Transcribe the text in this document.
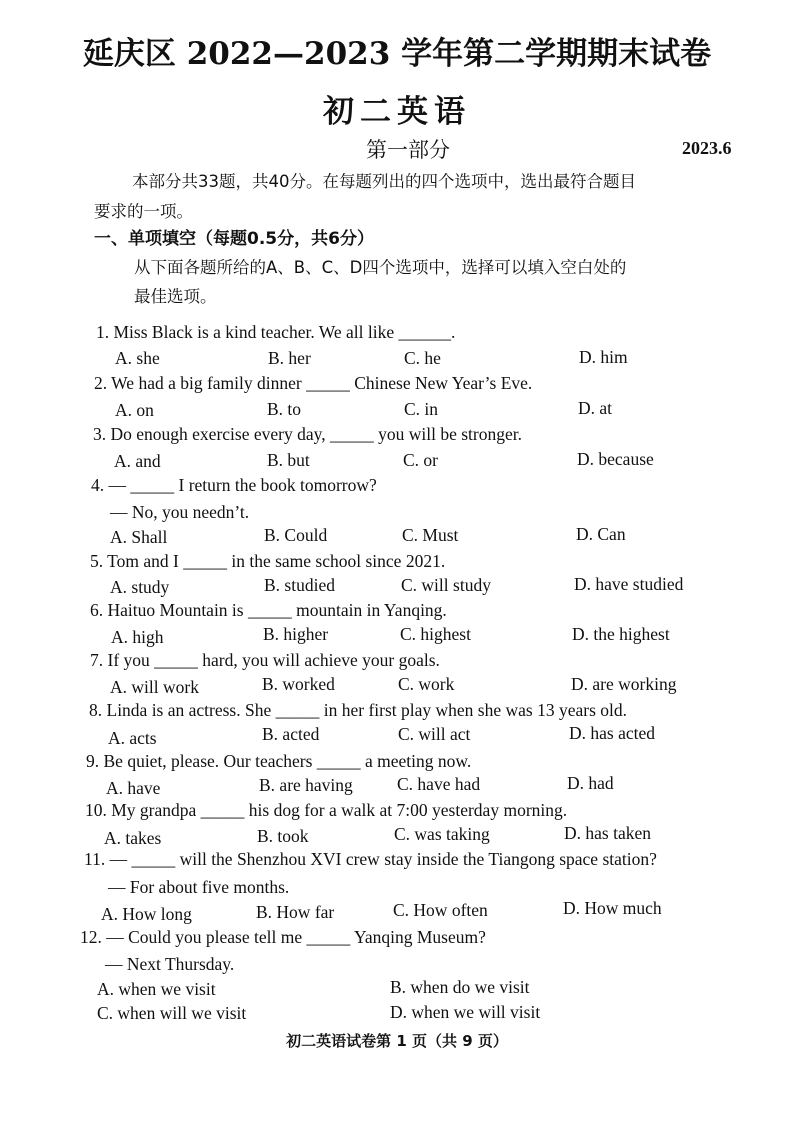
延庆区 2022—2023 学年第二学期期末试卷
初二英语
第一部分	2023.6
本部分共33题，共40分。在每题列出的四个选项中，选出最符合题目
要求的一项。
一、单项填空（每题0.5分，共6分）
从下面各题所给的A、B、C、D四个选项中，选择可以填入空白处的
最佳选项。
1. Miss Black is a kind teacher. We all like ______.
A. she	B. her	C. he	D. him
2. We had a big family dinner _____ Chinese New Year’s Eve.
A. on	B. to	C. in	D. at
3. Do enough exercise every day, _____ you will be stronger.
A. and	B. but	C. or	D. because
4. — _____ I return the book tomorrow?
— No, you needn’t.
A. Shall	B. Could	C. Must	D. Can
5. Tom and I _____ in the same school since 2021.
A. study	B. studied	C. will study	D. have studied
6. Haituo Mountain is _____ mountain in Yanqing.
A. high	B. higher	C. highest	D. the highest
7. If you _____ hard, you will achieve your goals.
A. will work	B. worked	C. work	D. are working
8. Linda is an actress. She _____ in her first play when she was 13 years old.
A. acts	B. acted	C. will act	D. has acted
9. Be quiet, please. Our teachers _____ a meeting now.
A. have	B. are having	C. have had	D. had
10. My grandpa _____ his dog for a walk at 7:00 yesterday morning.
A. takes	B. took	C. was taking	D. has taken
11. — _____ will the Shenzhou XVI crew stay inside the Tiangong space station?
— For about five months.
A. How long	B. How far	C. How often	D. How much
12. — Could you please tell me _____ Yanqing Museum?
— Next Thursday.
A. when we visit	B. when do we visit
C. when will we visit	D. when we will visit
初二英语试卷第 1 页（共 9 页）
